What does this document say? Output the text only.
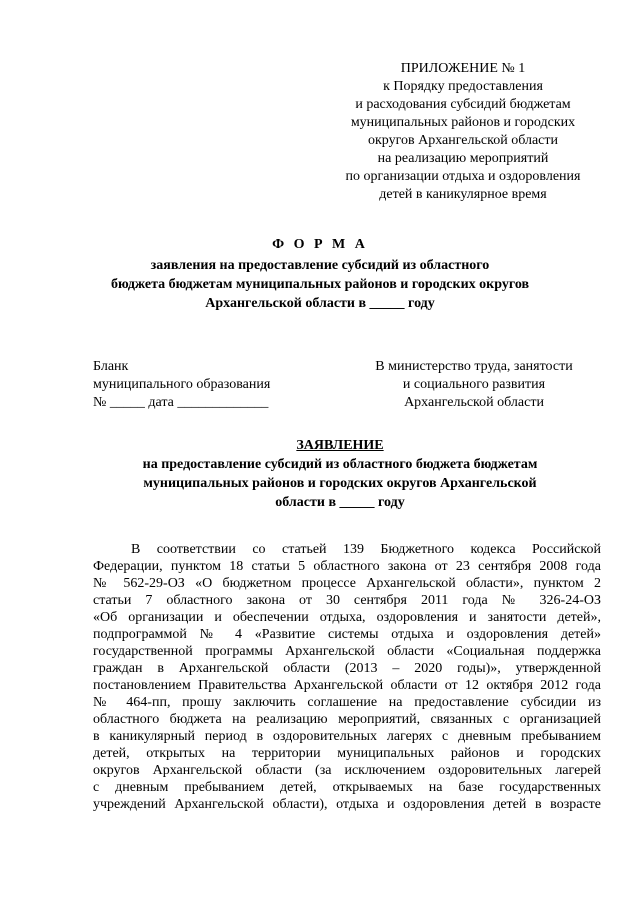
ПРИЛОЖЕНИЕ № 1
к Порядку предоставления
и расходования субсидий бюджетам
муниципальных районов и городских
округов Архангельской области
на реализацию мероприятий
по организации отдыха и оздоровления
детей в каникулярное время
Ф О Р М А
заявления на предоставление субсидий из областного
бюджета бюджетам муниципальных районов и городских округов
Архангельской области в _____ году
Бланк
муниципального образования
№ _____ дата _____________
В министерство труда, занятости
и социального развития
Архангельской области
ЗАЯВЛЕНИЕ
на предоставление субсидий из областного бюджета бюджетам
муниципальных районов и городских округов Архангельской
области в _____ году
В соответствии со статьей 139 Бюджетного кодекса Российской
Федерации, пунктом 18 статьи 5 областного закона от 23 сентября 2008 года
№ 562-29-ОЗ «О бюджетном процессе Архангельской области», пунктом 2
статьи 7 областного закона от 30 сентября 2011 года № 326-24-ОЗ
«Об организации и обеспечении отдыха, оздоровления и занятости детей»,
подпрограммой № 4 «Развитие системы отдыха и оздоровления детей»
государственной программы Архангельской области «Социальная поддержка
граждан в Архангельской области (2013 – 2020 годы)», утвержденной
постановлением Правительства Архангельской области от 12 октября 2012 года
№ 464-пп, прошу заключить соглашение на предоставление субсидии из
областного бюджета на реализацию мероприятий, связанных с организацией
в каникулярный период в оздоровительных лагерях с дневным пребыванием
детей, открытых на территории муниципальных районов и городских
округов Архангельской области (за исключением оздоровительных лагерей
с дневным пребыванием детей, открываемых на базе государственных
учреждений Архангельской области), отдыха и оздоровления детей в возрасте
